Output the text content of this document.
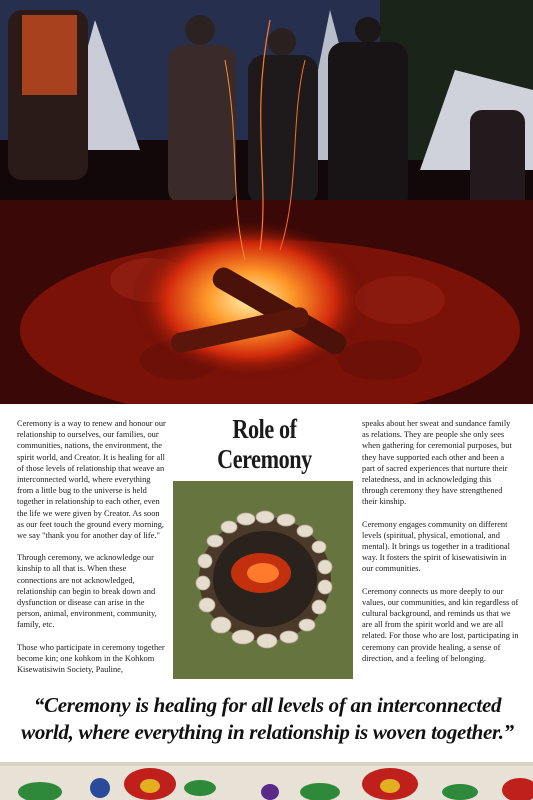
Ceremony is a way to renew and honour our relationship to ourselves, our families, our communities, nations, the environment, the spirit world, and Creator. It is healing for all of those levels of relationship that weave an interconnected world, where everything from a little bug to the universe is held together in relationship to each other, even the life we were given by Creator. As soon as our feet touch the ground every morning, we say "thank you for another day of life."

Through ceremony, we acknowledge our kinship to all that is. When these connections are not acknowledged, relationship can begin to break down and dysfunction or disease can arise in the person, animal, environment, community, family, etc.

Those who participate in ceremony together become kin; one kohkom in the Kohkom Kisewatisiwin Society, Pauline,

Role of
Ceremony

speaks about her sweat and sundance family as relations. They are people she only sees when gathering for ceremonial purposes, but they have supported each other and been a part of sacred experiences that nurture their relatedness, and in acknowledging this through ceremony they have strengthened their kinship.

Ceremony engages community on different levels (spiritual, physical, emotional, and mental). It brings us together in a traditional way. It fosters the spirit of kisewatisiwin in our communities.

Ceremony connects us more deeply to our values, our communities, and kin regardless of cultural background, and reminds us that we are all from the spirit world and we are all related. For those who are lost, participating in ceremony can provide healing, a sense of direction, and a feeling of belonging.

“Ceremony is healing for all levels of an interconnected world, where everything in relationship is woven together.”
